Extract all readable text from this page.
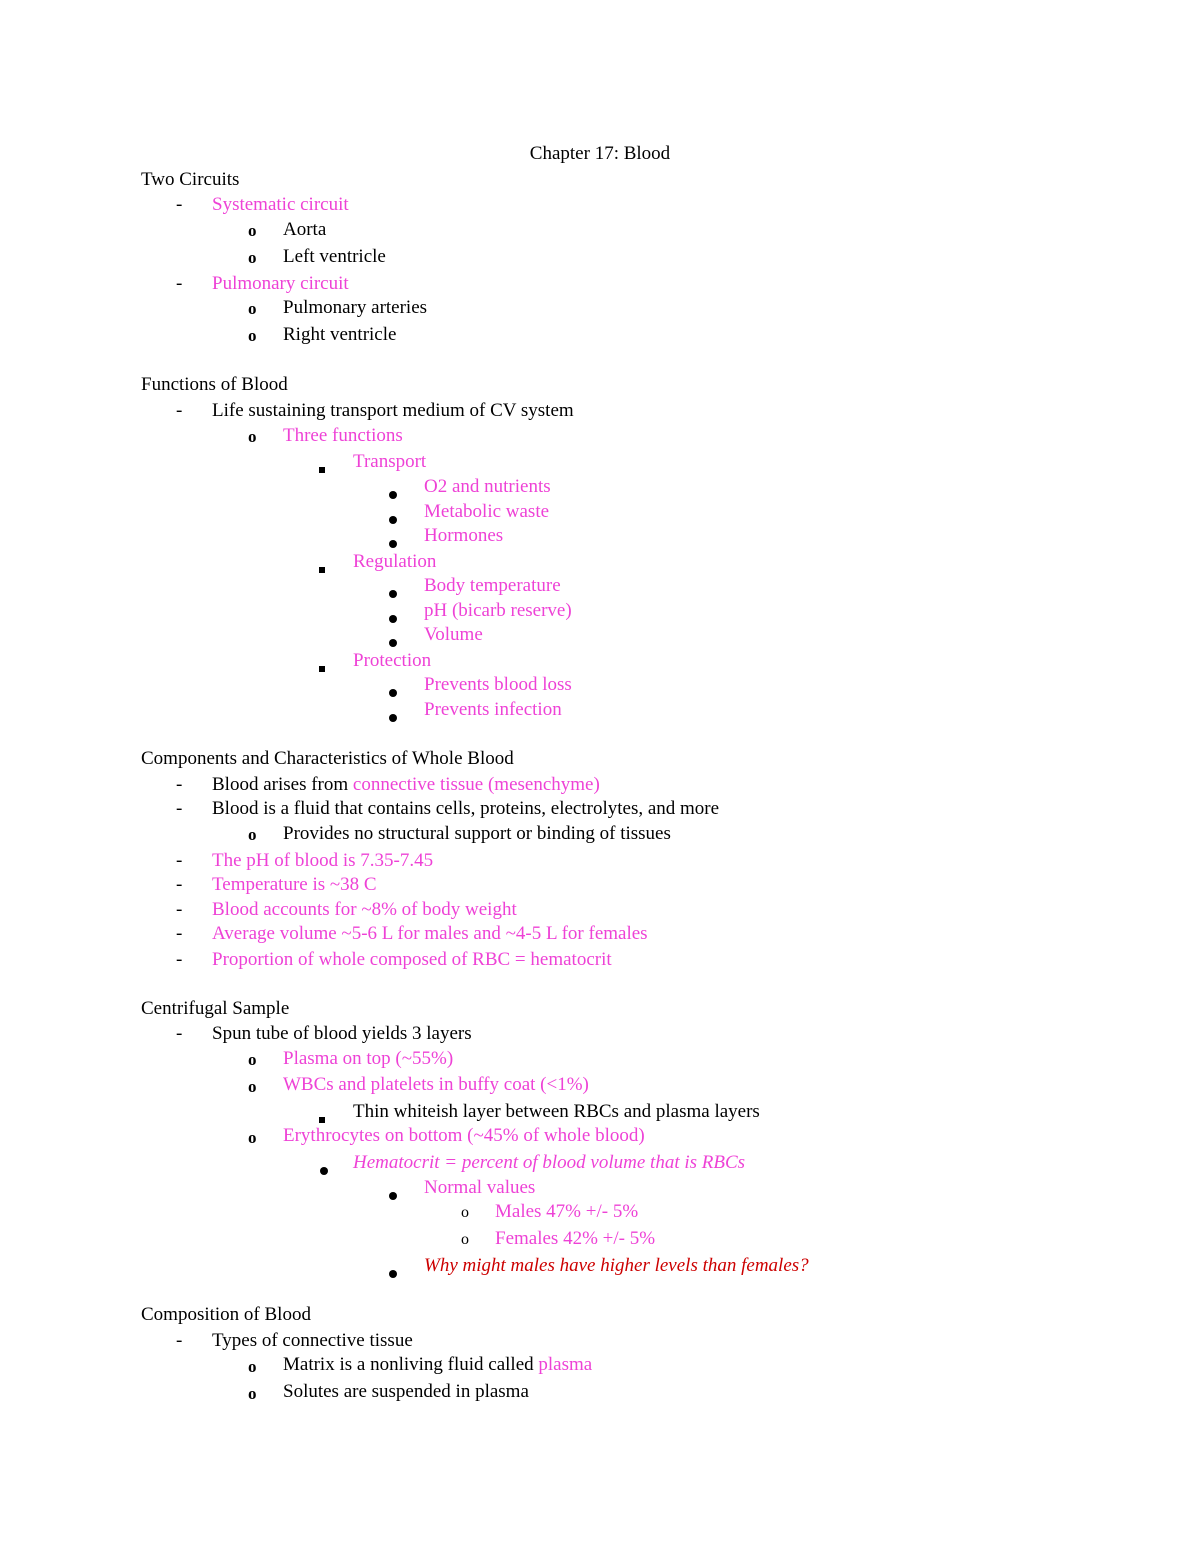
Chapter 17: Blood
Two Circuits
- Systematic circuit
o Aorta
o Left ventricle
- Pulmonary circuit
o Pulmonary arteries
o Right ventricle
Functions of Blood
- Life sustaining transport medium of CV system
o Three functions
Transport
O2 and nutrients
Metabolic waste
Hormones
Regulation
Body temperature
pH (bicarb reserve)
Volume
Protection
Prevents blood loss
Prevents infection
Components and Characteristics of Whole Blood
- Blood arises from connective tissue (mesenchyme)
- Blood is a fluid that contains cells, proteins, electrolytes, and more
o Provides no structural support or binding of tissues
- The pH of blood is 7.35-7.45
- Temperature is ~38 C
- Blood accounts for ~8% of body weight
- Average volume ~5-6 L for males and ~4-5 L for females
- Proportion of whole composed of RBC = hematocrit
Centrifugal Sample
- Spun tube of blood yields 3 layers
o Plasma on top (~55%)
o WBCs and platelets in buffy coat (<1%)
Thin whiteish layer between RBCs and plasma layers
o Erythrocytes on bottom (~45% of whole blood)
Hematocrit = percent of blood volume that is RBCs
Normal values
o Males 47% +/- 5%
o Females 42% +/- 5%
Why might males have higher levels than females?
Composition of Blood
- Types of connective tissue
o Matrix is a nonliving fluid called plasma
o Solutes are suspended in plasma
